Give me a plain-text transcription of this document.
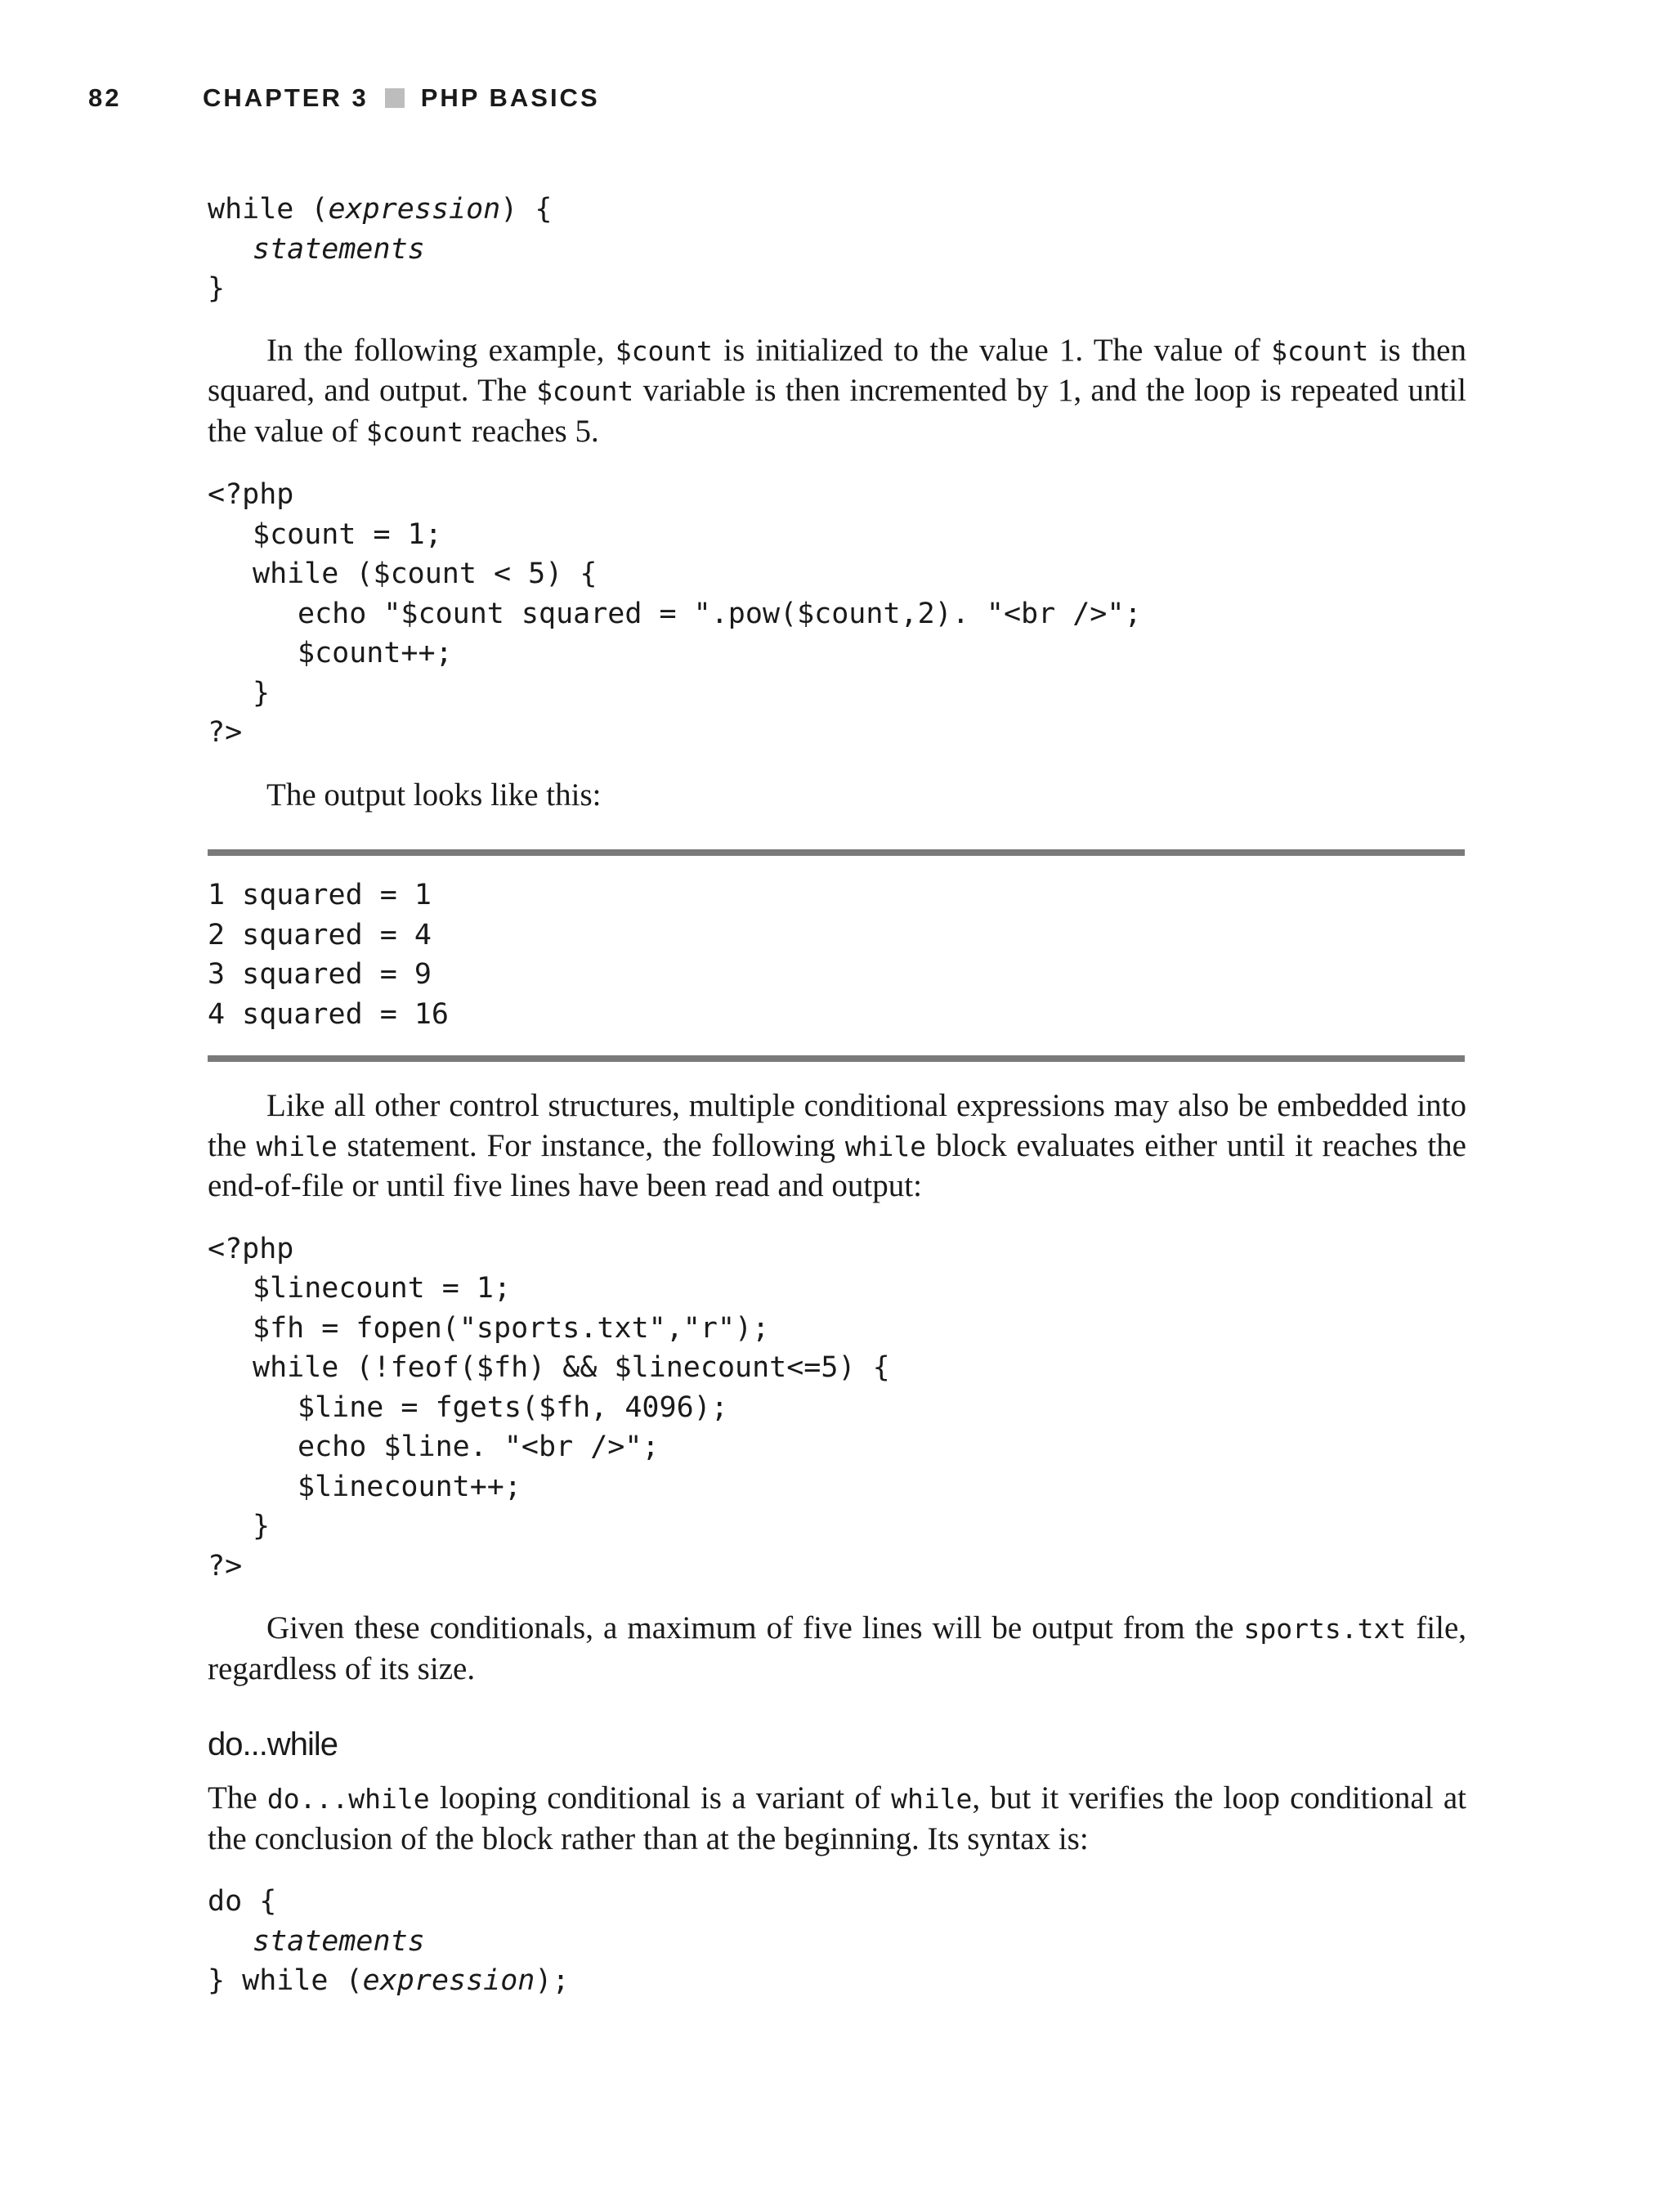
82	CHAPTER 3 PHP BASICS
while (expression) {
statements
}

In the following example, $count is initialized to the value 1. The value of $count is then squared, and output. The $count variable is then incremented by 1, and the loop is repeated until the value of $count reaches 5.

<?php
$count = 1;
while ($count < 5) {
echo "$count squared = ".pow($count,2). "<br />";
$count++;
}
?>

The output looks like this:

1 squared = 1
2 squared = 4
3 squared = 9
4 squared = 16

Like all other control structures, multiple conditional expressions may also be embedded into the while statement. For instance, the following while block evaluates either until it reaches the end-of-file or until five lines have been read and output:

<?php
$linecount = 1;
$fh = fopen("sports.txt","r");
while (!feof($fh) && $linecount<=5) {
$line = fgets($fh, 4096);
echo $line. "<br />";
$linecount++;
}
?>

Given these conditionals, a maximum of five lines will be output from the sports.txt file, regardless of its size.

do...while

The do...while looping conditional is a variant of while, but it verifies the loop conditional at the conclusion of the block rather than at the beginning. Its syntax is:

do {
statements
} while (expression);
